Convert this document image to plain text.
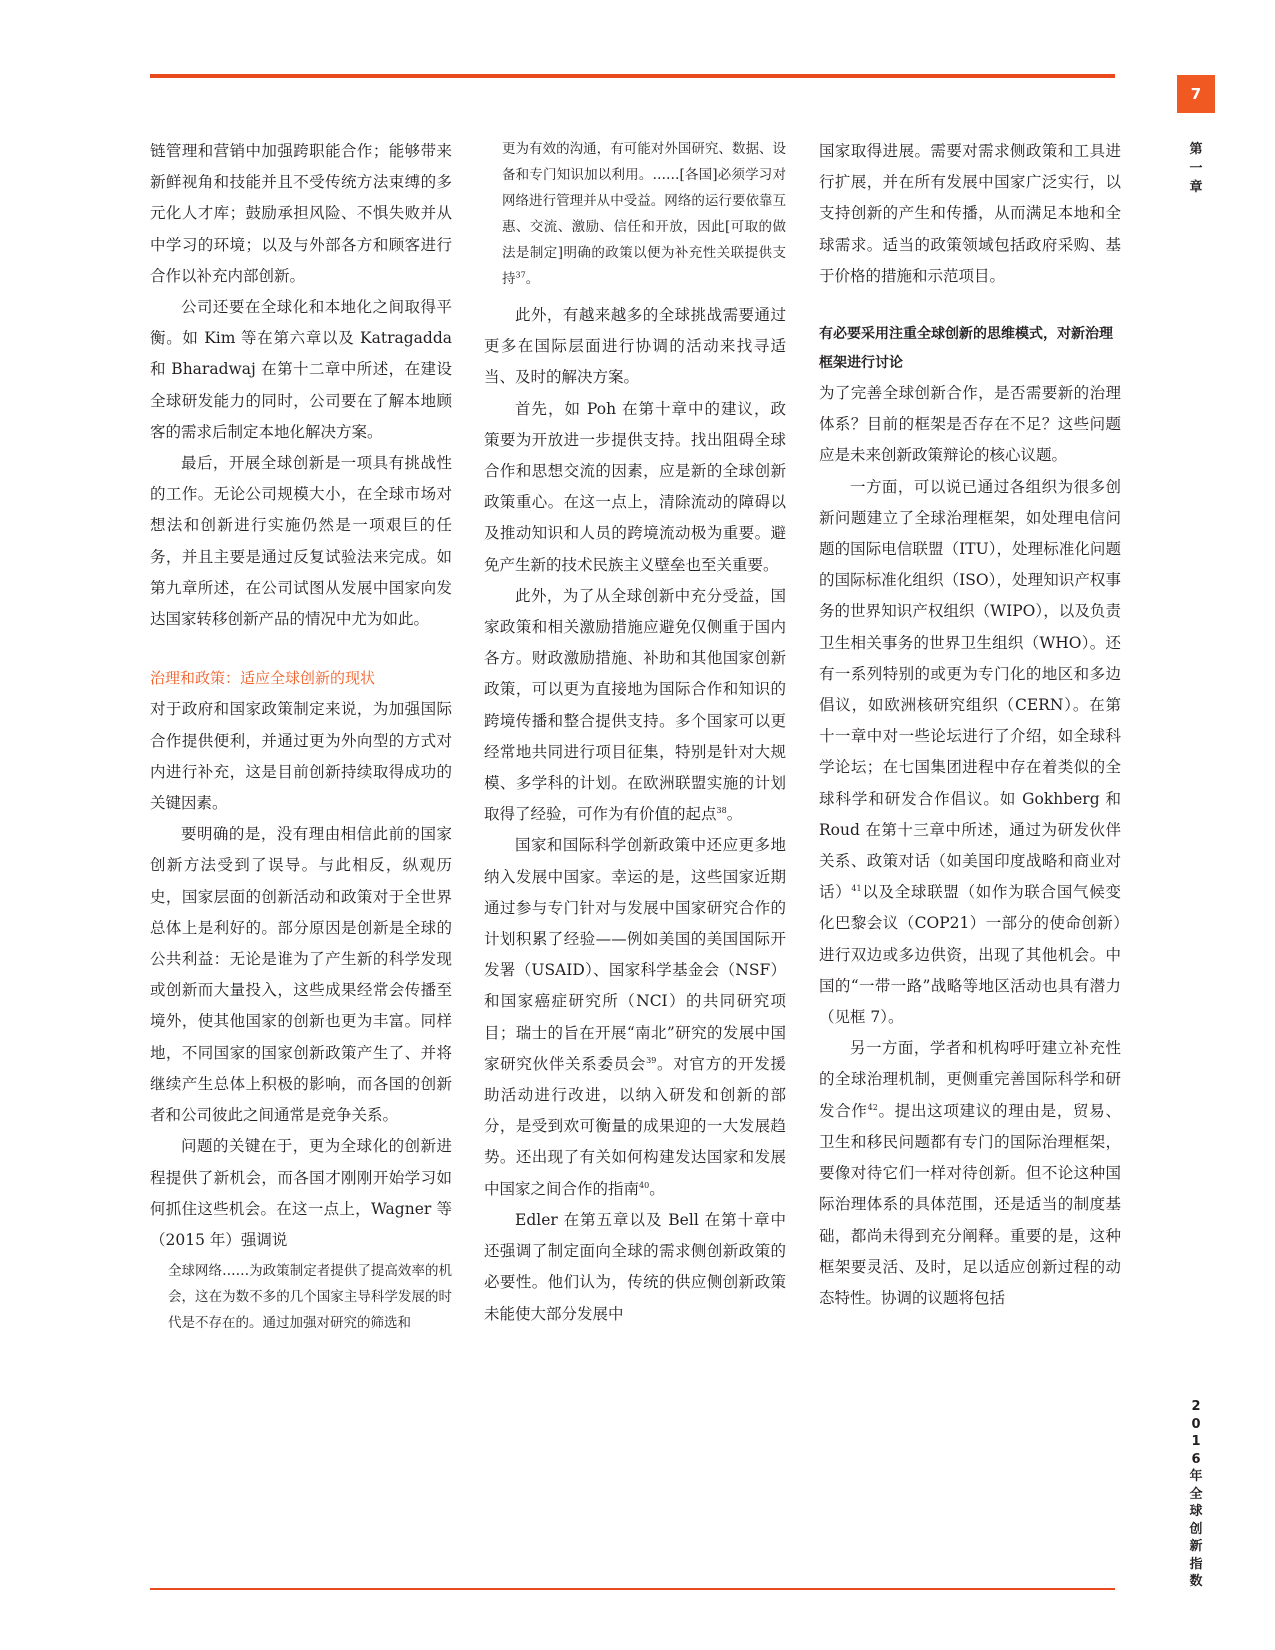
7
第
一
章
2
0
1
6
年
全
球
创
新
指
数

链管理和营销中加强跨职能合作；能够带来新鲜视角和技能并且不受传统方法束缚的多元化人才库；鼓励承担风险、不惧失败并从中学习的环境；以及与外部各方和顾客进行合作以补充内部创新。

公司还要在全球化和本地化之间取得平衡。如 Kim 等在第六章以及 Katragadda 和 Bharadwaj 在第十二章中所述，在建设全球研发能力的同时，公司要在了解本地顾客的需求后制定本地化解决方案。

最后，开展全球创新是一项具有挑战性的工作。无论公司规模大小，在全球市场对想法和创新进行实施仍然是一项艰巨的任务，并且主要是通过反复试验法来完成。如第九章所述，在公司试图从发展中国家向发达国家转移创新产品的情况中尤为如此。

治理和政策：适应全球创新的现状

对于政府和国家政策制定来说，为加强国际合作提供便利，并通过更为外向型的方式对内进行补充，这是目前创新持续取得成功的关键因素。

要明确的是，没有理由相信此前的国家创新方法受到了误导。与此相反，纵观历史，国家层面的创新活动和政策对于全世界总体上是利好的。部分原因是创新是全球的公共利益：无论是谁为了产生新的科学发现或创新而大量投入，这些成果经常会传播至境外，使其他国家的创新也更为丰富。同样地，不同国家的国家创新政策产生了、并将继续产生总体上积极的影响，而各国的创新者和公司彼此之间通常是竞争关系。

问题的关键在于，更为全球化的创新进程提供了新机会，而各国才刚刚开始学习如何抓住这些机会。在这一点上，Wagner 等（2015 年）强调说

全球网络……为政策制定者提供了提高效率的机会，这在为数不多的几个国家主导科学发展的时代是不存在的。通过加强对研究的筛选和
更为有效的沟通，有可能对外国研究、数据、设备和专门知识加以利用。……[各国]必须学习对网络进行管理并从中受益。网络的运行要依靠互惠、交流、激励、信任和开放，因此[可取的做法是制定]明确的政策以便为补充性关联提供支持$^{37}$。

此外，有越来越多的全球挑战需要通过更多在国际层面进行协调的活动来找寻适当、及时的解决方案。

首先，如 Poh 在第十章中的建议，政策要为开放进一步提供支持。找出阻碍全球合作和思想交流的因素，应是新的全球创新政策重心。在这一点上，清除流动的障碍以及推动知识和人员的跨境流动极为重要。避免产生新的技术民族主义壁垒也至关重要。

此外，为了从全球创新中充分受益，国家政策和相关激励措施应避免仅侧重于国内各方。财政激励措施、补助和其他国家创新政策，可以更为直接地为国际合作和知识的跨境传播和整合提供支持。多个国家可以更经常地共同进行项目征集，特别是针对大规模、多学科的计划。在欧洲联盟实施的计划取得了经验，可作为有价值的起点$^{38}$。

国家和国际科学创新政策中还应更多地纳入发展中国家。幸运的是，这些国家近期通过参与专门针对与发展中国家研究合作的计划积累了经验——例如美国的美国国际开发署（USAID）、国家科学基金会（NSF）和国家癌症研究所（NCI）的共同研究项目；瑞士的旨在开展“南北”研究的发展中国家研究伙伴关系委员会$^{39}$。对官方的开发援助活动进行改进，以纳入研发和创新的部分，是受到欢可衡量的成果迎的一大发展趋势。还出现了有关如何构建发达国家和发展中国家之间合作的指南$^{40}$。

Edler 在第五章以及 Bell 在第十章中还强调了制定面向全球的需求侧创新政策的必要性。他们认为，传统的供应侧创新政策未能使大部分发展中

国家取得进展。需要对需求侧政策和工具进行扩展，并在所有发展中国家广泛实行，以支持创新的产生和传播，从而满足本地和全球需求。适当的政策领域包括政府采购、基于价格的措施和示范项目。

有必要采用注重全球创新的思维模式，对新治理框架进行讨论

为了完善全球创新合作，是否需要新的治理体系？目前的框架是否存在不足？这些问题应是未来创新政策辩论的核心议题。

一方面，可以说已通过各组织为很多创新问题建立了全球治理框架，如处理电信问题的国际电信联盟（ITU），处理标准化问题的国际标准化组织（ISO），处理知识产权事务的世界知识产权组织（WIPO），以及负责卫生相关事务的世界卫生组织（WHO）。还有一系列特别的或更为专门化的地区和多边倡议，如欧洲核研究组织（CERN）。在第十一章中对一些论坛进行了介绍，如全球科学论坛；在七国集团进程中存在着类似的全球科学和研发合作倡议。如 Gokhberg 和 Roud 在第十三章中所述，通过为研发伙伴关系、政策对话（如美国印度战略和商业对话）$^{41}$以及全球联盟（如作为联合国气候变化巴黎会议（COP21）一部分的使命创新）进行双边或多边供资，出现了其他机会。中国的“一带一路”战略等地区活动也具有潜力（见框 7）。

另一方面，学者和机构呼吁建立补充性的全球治理机制，更侧重完善国际科学和研发合作$^{42}$。提出这项建议的理由是，贸易、卫生和移民问题都有专门的国际治理框架，要像对待它们一样对待创新。但不论这种国际治理体系的具体范围，还是适当的制度基础，都尚未得到充分阐释。重要的是，这种框架要灵活、及时，足以适应创新过程的动态特性。协调的议题将包括
